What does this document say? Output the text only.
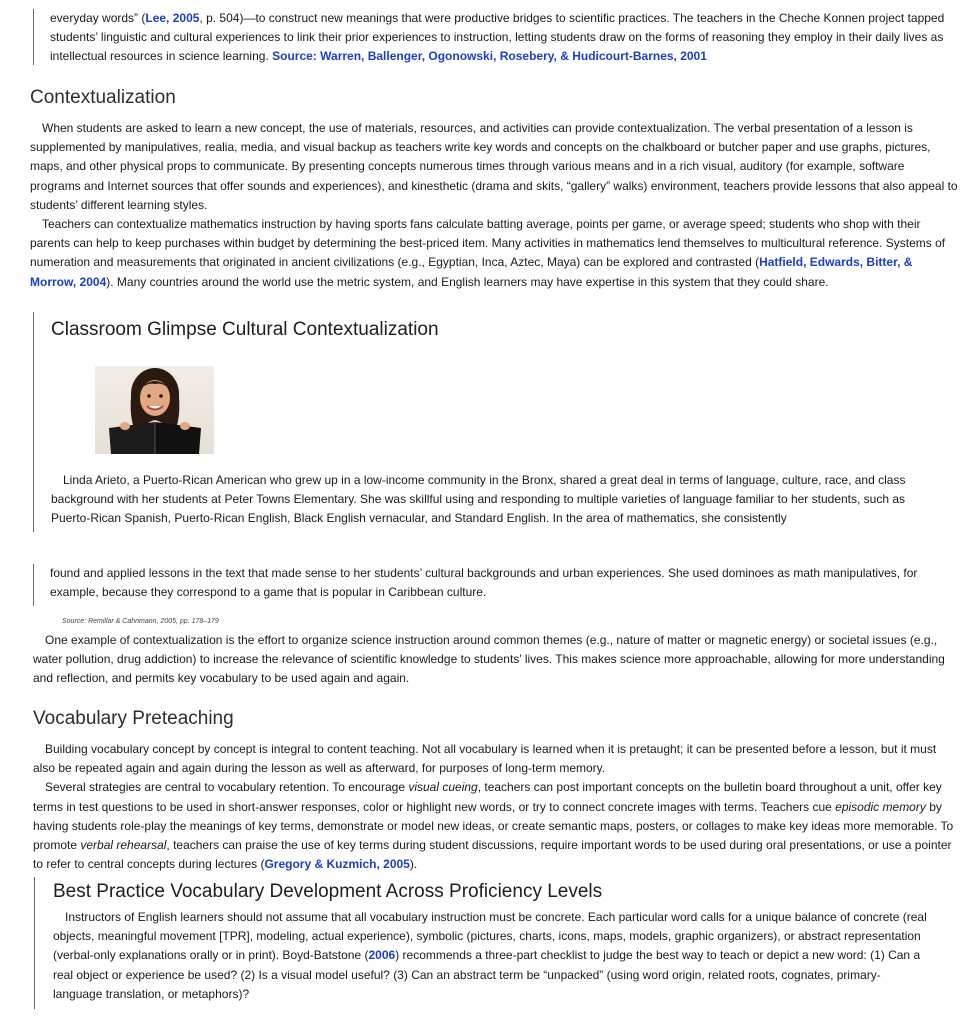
everyday words” (Lee, 2005, p. 504)—to construct new meanings that were productive bridges to scientific practices. The teachers in the Cheche Konnen project tapped students’ linguistic and cultural experiences to link their prior experiences to instruction, letting students draw on the forms of reasoning they employ in their daily lives as intellectual resources in science learning. Source: Warren, Ballenger, Ogonowski, Rosebery, & Hudicourt-Barnes, 2001

Contextualization

When students are asked to learn a new concept, the use of materials, resources, and activities can provide contextualization. The verbal presentation of a lesson is supplemented by manipulatives, realia, media, and visual backup as teachers write key words and concepts on the chalkboard or butcher paper and use graphs, pictures, maps, and other physical props to communicate. By presenting concepts numerous times through various means and in a rich visual, auditory (for example, software programs and Internet sources that offer sounds and experiences), and kinesthetic (drama and skits, “gallery” walks) environment, teachers provide lessons that also appeal to students’ different learning styles.

Teachers can contextualize mathematics instruction by having sports fans calculate batting average, points per game, or average speed; students who shop with their parents can help to keep purchases within budget by determining the best-priced item. Many activities in mathematics lend themselves to multicultural reference. Systems of numeration and measurements that originated in ancient civilizations (e.g., Egyptian, Inca, Aztec, Maya) can be explored and contrasted (Hatfield, Edwards, Bitter, & Morrow, 2004). Many countries around the world use the metric system, and English learners may have expertise in this system that they could share.

Classroom Glimpse Cultural Contextualization

Linda Arieto, a Puerto-Rican American who grew up in a low-income community in the Bronx, shared a great deal in terms of language, culture, race, and class background with her students at Peter Towns Elementary. She was skillful using and responding to multiple varieties of language familiar to her students, such as Puerto-Rican Spanish, Puerto-Rican English, Black English vernacular, and Standard English. In the area of mathematics, she consistently

found and applied lessons in the text that made sense to her students’ cultural backgrounds and urban experiences. She used dominoes as math manipulatives, for example, because they correspond to a game that is popular in Caribbean culture.

Source: Remillar & Cahnmann, 2005, pp. 178–179

One example of contextualization is the effort to organize science instruction around common themes (e.g., nature of matter or magnetic energy) or societal issues (e.g., water pollution, drug addiction) to increase the relevance of scientific knowledge to students’ lives. This makes science more approachable, allowing for more understanding and reflection, and permits key vocabulary to be used again and again.

Vocabulary Preteaching

Building vocabulary concept by concept is integral to content teaching. Not all vocabulary is learned when it is pretaught; it can be presented before a lesson, but it must also be repeated again and again during the lesson as well as afterward, for purposes of long-term memory.

Several strategies are central to vocabulary retention. To encourage visual cueing, teachers can post important concepts on the bulletin board throughout a unit, offer key terms in test questions to be used in short-answer responses, color or highlight new words, or try to connect concrete images with terms. Teachers cue episodic memory by having students role-play the meanings of key terms, demonstrate or model new ideas, or create semantic maps, posters, or collages to make key ideas more memorable. To promote verbal rehearsal, teachers can praise the use of key terms during student discussions, require important words to be used during oral presentations, or use a pointer to refer to central concepts during lectures (Gregory & Kuzmich, 2005).

Best Practice Vocabulary Development Across Proficiency Levels

Instructors of English learners should not assume that all vocabulary instruction must be concrete. Each particular word calls for a unique balance of concrete (real objects, meaningful movement [TPR], modeling, actual experience), symbolic (pictures, charts, icons, maps, models, graphic organizers), or abstract representation (verbal-only explanations orally or in print). Boyd-Batstone (2006) recommends a three-part checklist to judge the best way to teach or depict a new word: (1) Can a real object or experience be used? (2) Is a visual model useful? (3) Can an abstract term be “unpacked” (using word origin, related roots, cognates, primary-language translation, or metaphors)?
